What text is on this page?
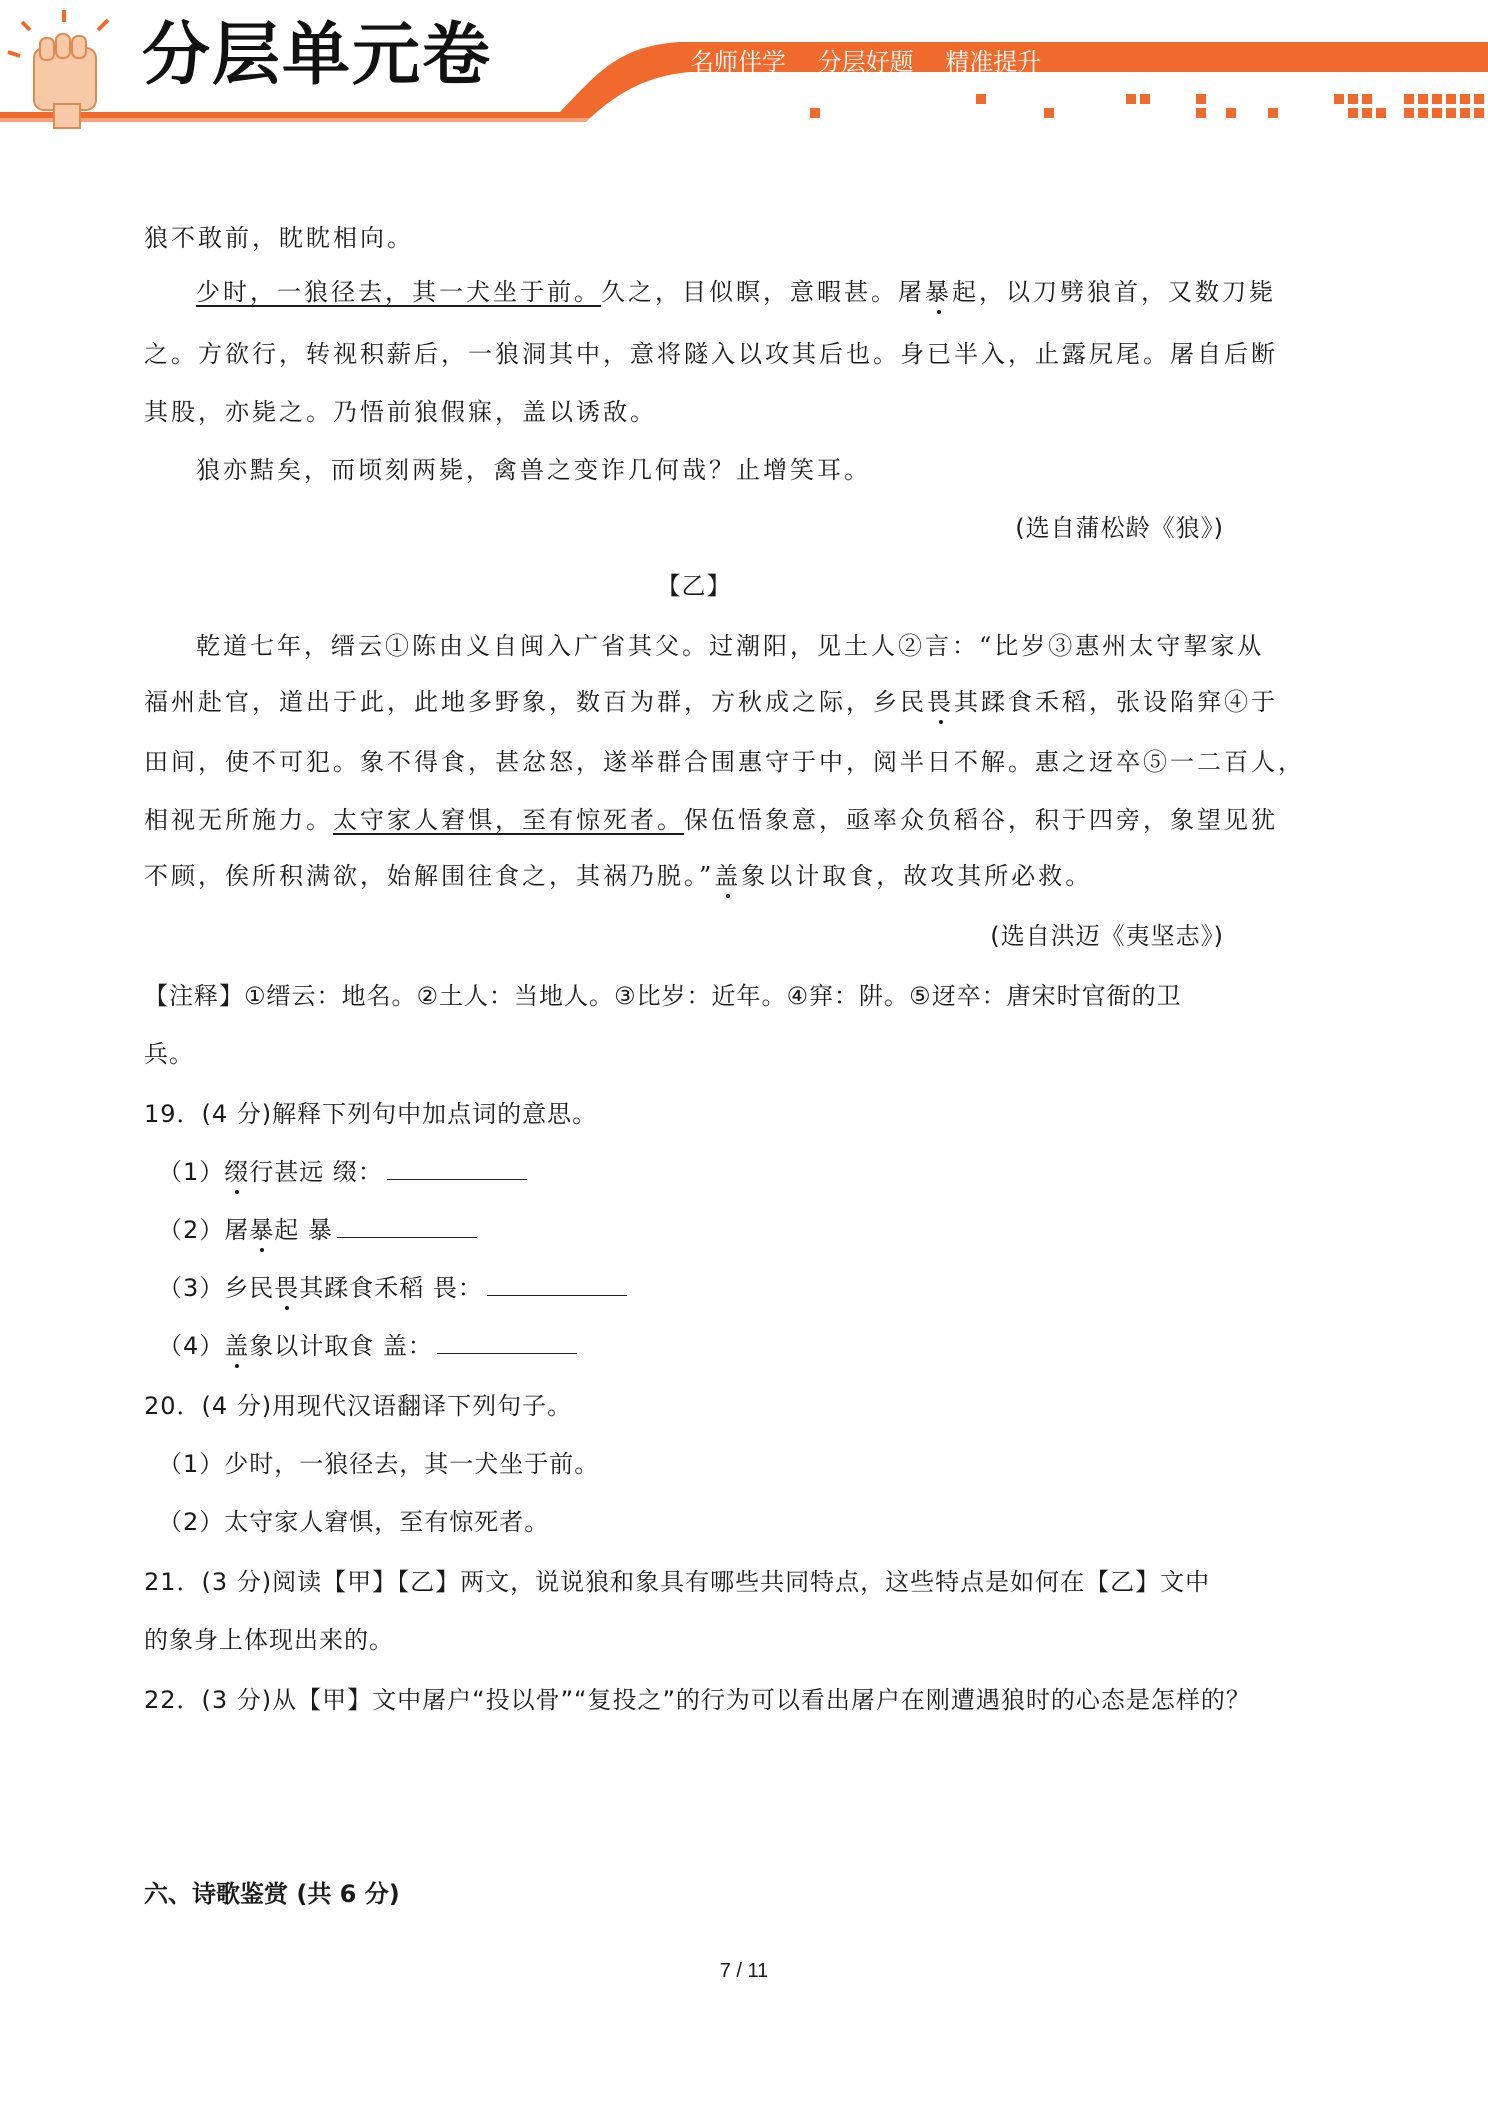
分层单元卷	名师伴学 分层好题 精准提升
狼不敢前，眈眈相向。
少时，一狼径去，其一犬坐于前。久之，目似瞑，意暇甚。屠暴起，以刀劈狼首，又数刀毙
之。方欲行，转视积薪后，一狼洞其中，意将隧入以攻其后也。身已半入，止露尻尾。屠自后断
其股，亦毙之。乃悟前狼假寐，盖以诱敌。
狼亦黠矣，而顷刻两毙，禽兽之变诈几何哉？止增笑耳。
(选自蒲松龄《狼》)
【乙】
乾道七年，缙云①陈由义自闽入广省其父。过潮阳，见土人②言：“比岁③惠州太守挈家从
福州赴官，道出于此，此地多野象，数百为群，方秋成之际，乡民畏其蹂食禾稻，张设陷穽④于
田间，使不可犯。象不得食，甚忿怒，遂举群合围惠守于中，阅半日不解。惠之迓卒⑤一二百人，
相视无所施力。太守家人窘惧，至有惊死者。保伍悟象意，亟率众负稻谷，积于四旁，象望见犹
不顾，俟所积满欲，始解围往食之，其祸乃脱。”盖象以计取食，故攻其所必救。
(选自洪迈《夷坚志》)
【注释】①缙云：地名。②土人：当地人。③比岁：近年。④穽：阱。⑤迓卒：唐宋时官衙的卫
兵。
19．(4 分)解释下列句中加点词的意思。
（1）缀行甚远 缀：
（2）屠暴起 暴
（3）乡民畏其蹂食禾稻 畏：
（4）盖象以计取食 盖：
20．(4 分)用现代汉语翻译下列句子。
（1）少时，一狼径去，其一犬坐于前。
（2）太守家人窘惧，至有惊死者。
21．(3 分)阅读【甲】【乙】两文，说说狼和象具有哪些共同特点，这些特点是如何在【乙】文中
的象身上体现出来的。
22．(3 分)从【甲】文中屠户“投以骨”“复投之”的行为可以看出屠户在刚遭遇狼时的心态是怎样的？
六、诗歌鉴赏 (共 6 分)
7 / 11
